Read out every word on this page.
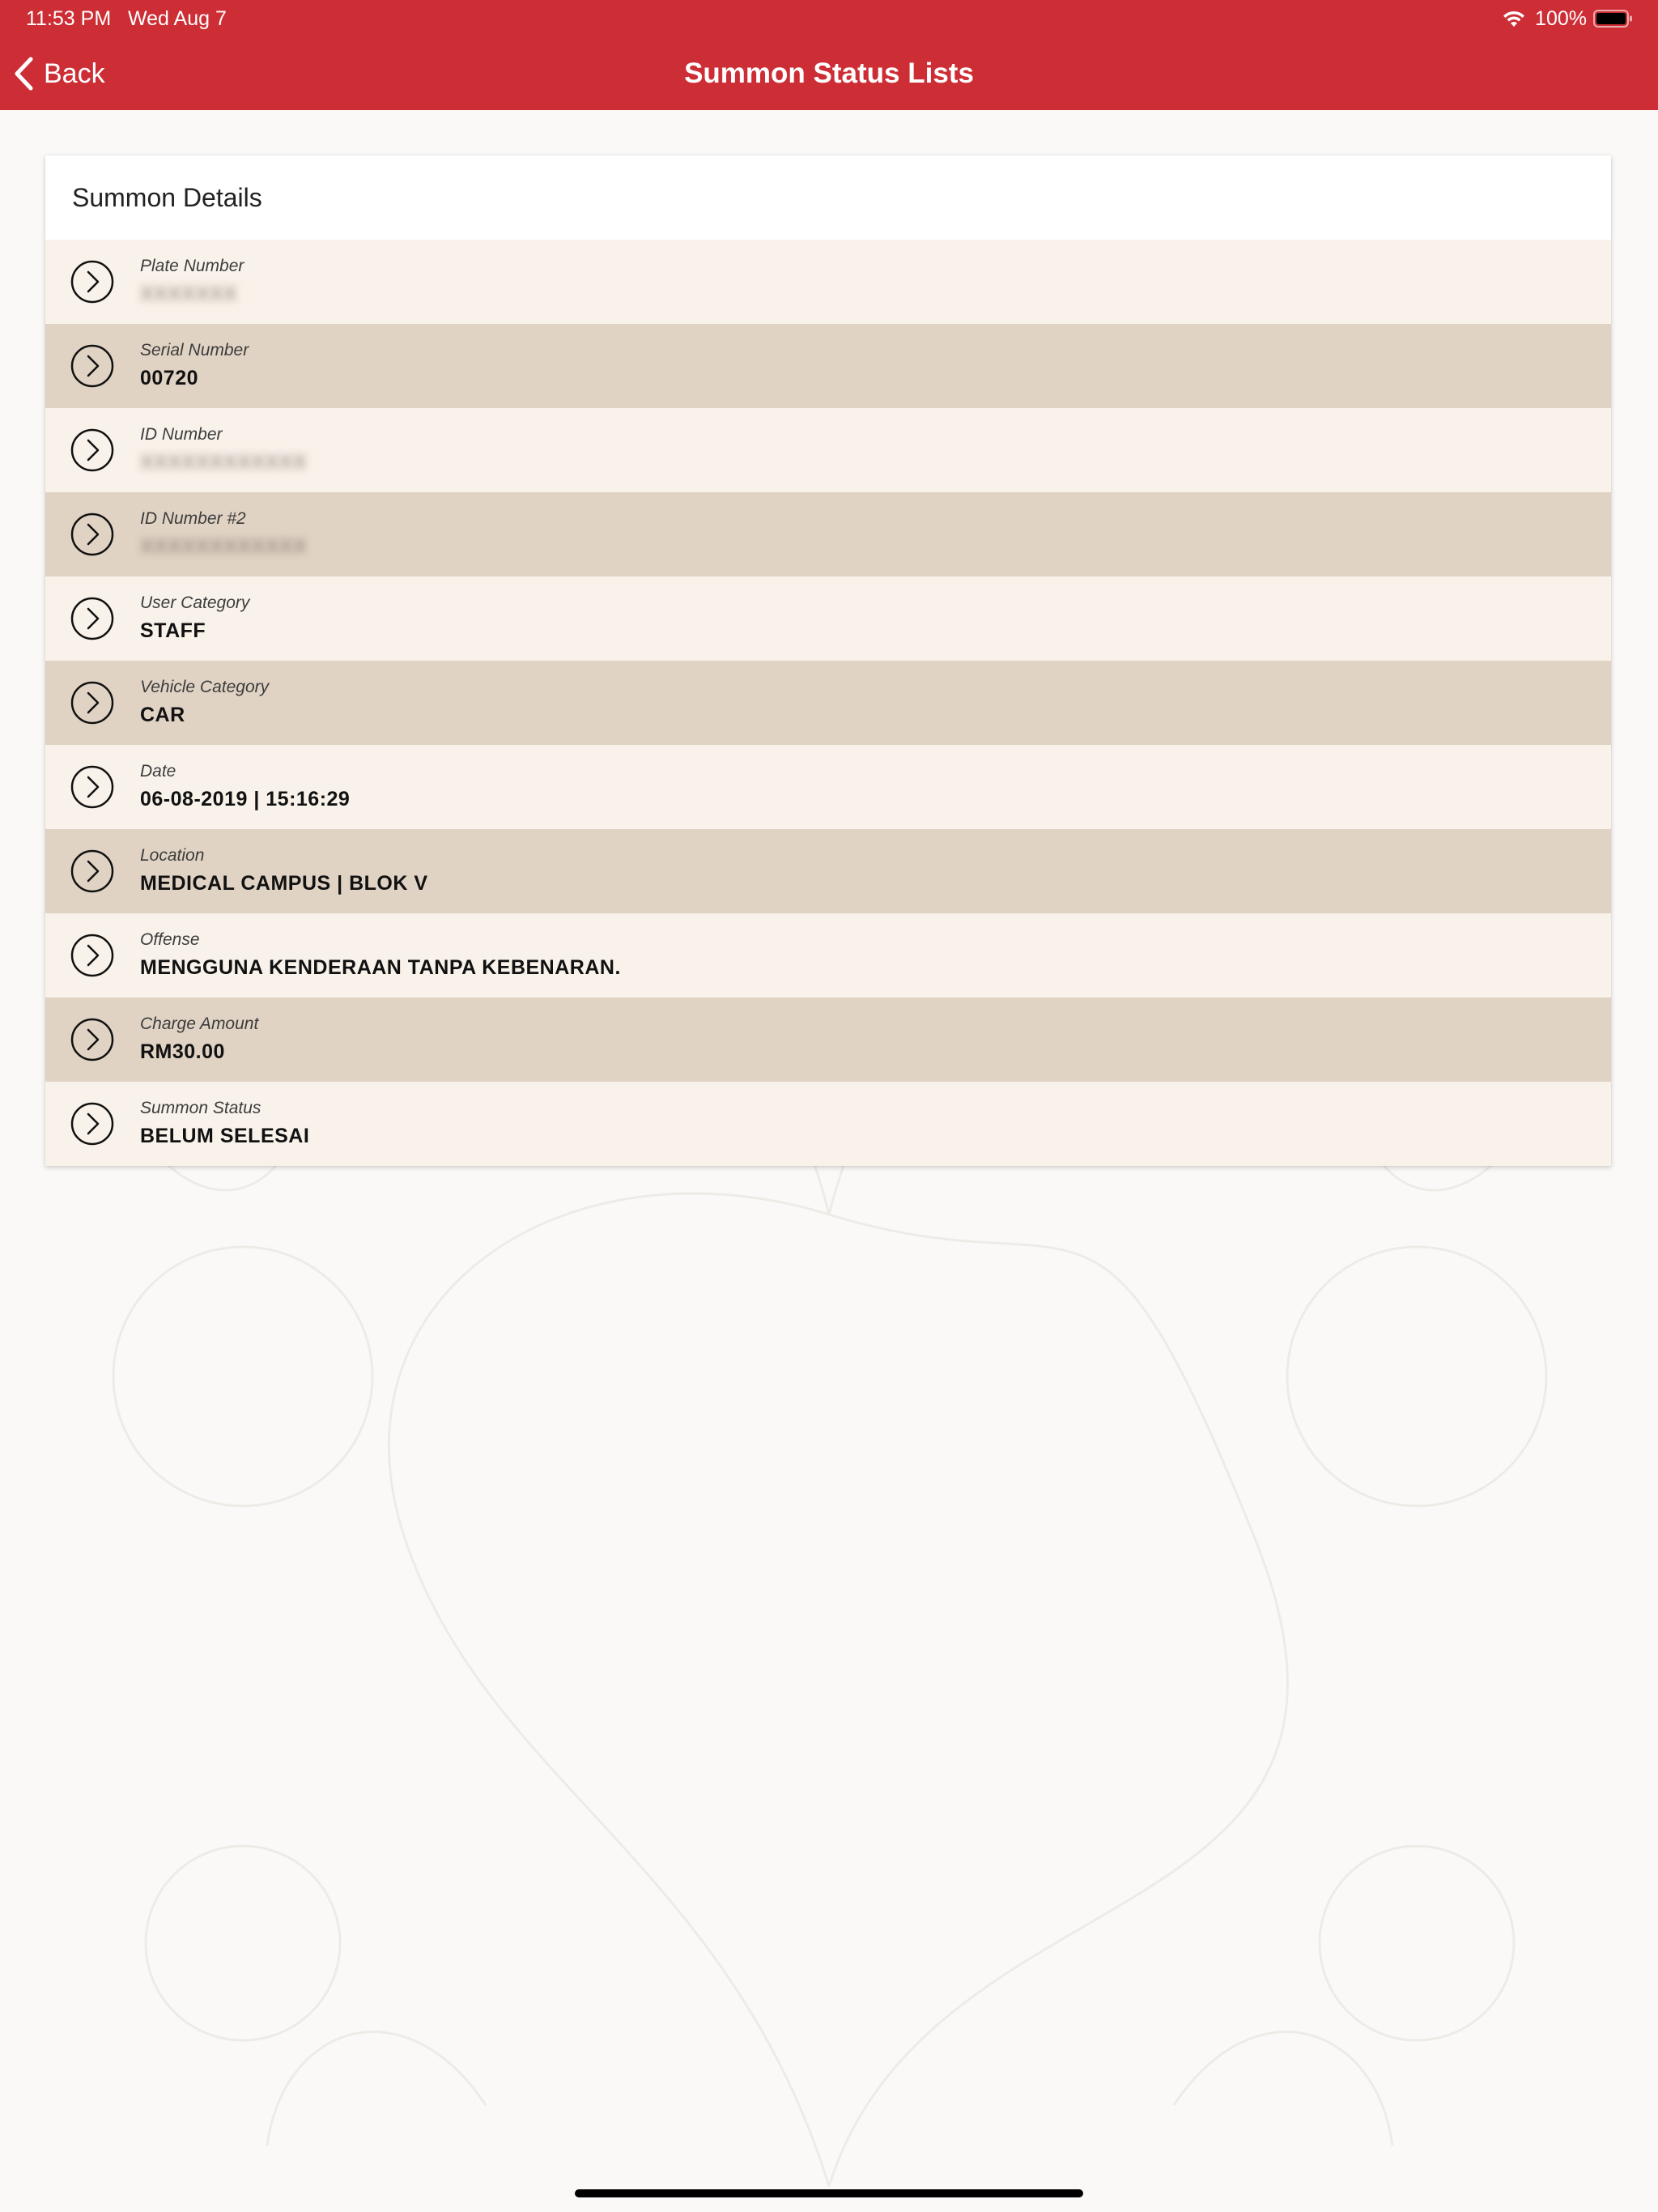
11:53 PM Wed Aug 7	100%
Back	Summon Status Lists
Summon Details
Plate Number
XXXXXXX
Serial Number
00720
ID Number
XXXXXXXXXXXX
ID Number #2
XXXXXXXXXXXX
User Category
STAFF
Vehicle Category
CAR
Date
06-08-2019 | 15:16:29
Location
MEDICAL CAMPUS | BLOK V
Offense
MENGGUNA KENDERAAN TANPA KEBENARAN.
Charge Amount
RM30.00
Summon Status
BELUM SELESAI
